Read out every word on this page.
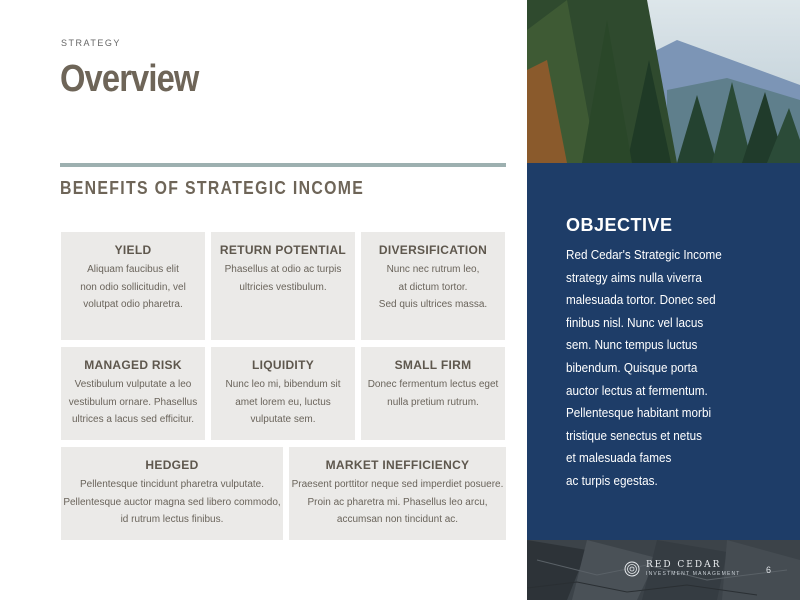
STRATEGY
Overview
BENEFITS OF STRATEGIC INCOME
YIELD

Aliquam faucibus elit
non odio sollicitudin, vel
volutpat odio pharetra.

RETURN POTENTIAL

Phasellus at odio ac turpis
ultricies vestibulum.

DIVERSIFICATION

Nunc nec rutrum leo,
at dictum tortor.
Sed quis ultrices massa.

MANAGED RISK

Vestibulum vulputate a leo
vestibulum ornare. Phasellus
ultrices a lacus sed efficitur.

LIQUIDITY

Nunc leo mi, bibendum sit
amet lorem eu, luctus
vulputate sem.

SMALL FIRM

Donec fermentum lectus eget
nulla pretium rutrum.

HEDGED

Pellentesque tincidunt pharetra vulputate.
Pellentesque auctor magna sed libero commodo,
id rutrum lectus finibus.

MARKET INEFFICIENCY

Praesent porttitor neque sed imperdiet posuere.
Proin ac pharetra mi. Phasellus leo arcu,
accumsan non tincidunt ac.

OBJECTIVE
Red Cedar's Strategic Income
strategy aims nulla viverra
malesuada tortor. Donec sed
finibus nisl. Nunc vel lacus
sem. Nunc tempus luctus
bibendum. Quisque porta
auctor lectus at fermentum.
Pellentesque habitant morbi
tristique senectus et netus
et malesuada fames
ac turpis egestas.
RED CEDAR
INVESTMENT MANAGEMENT	6
